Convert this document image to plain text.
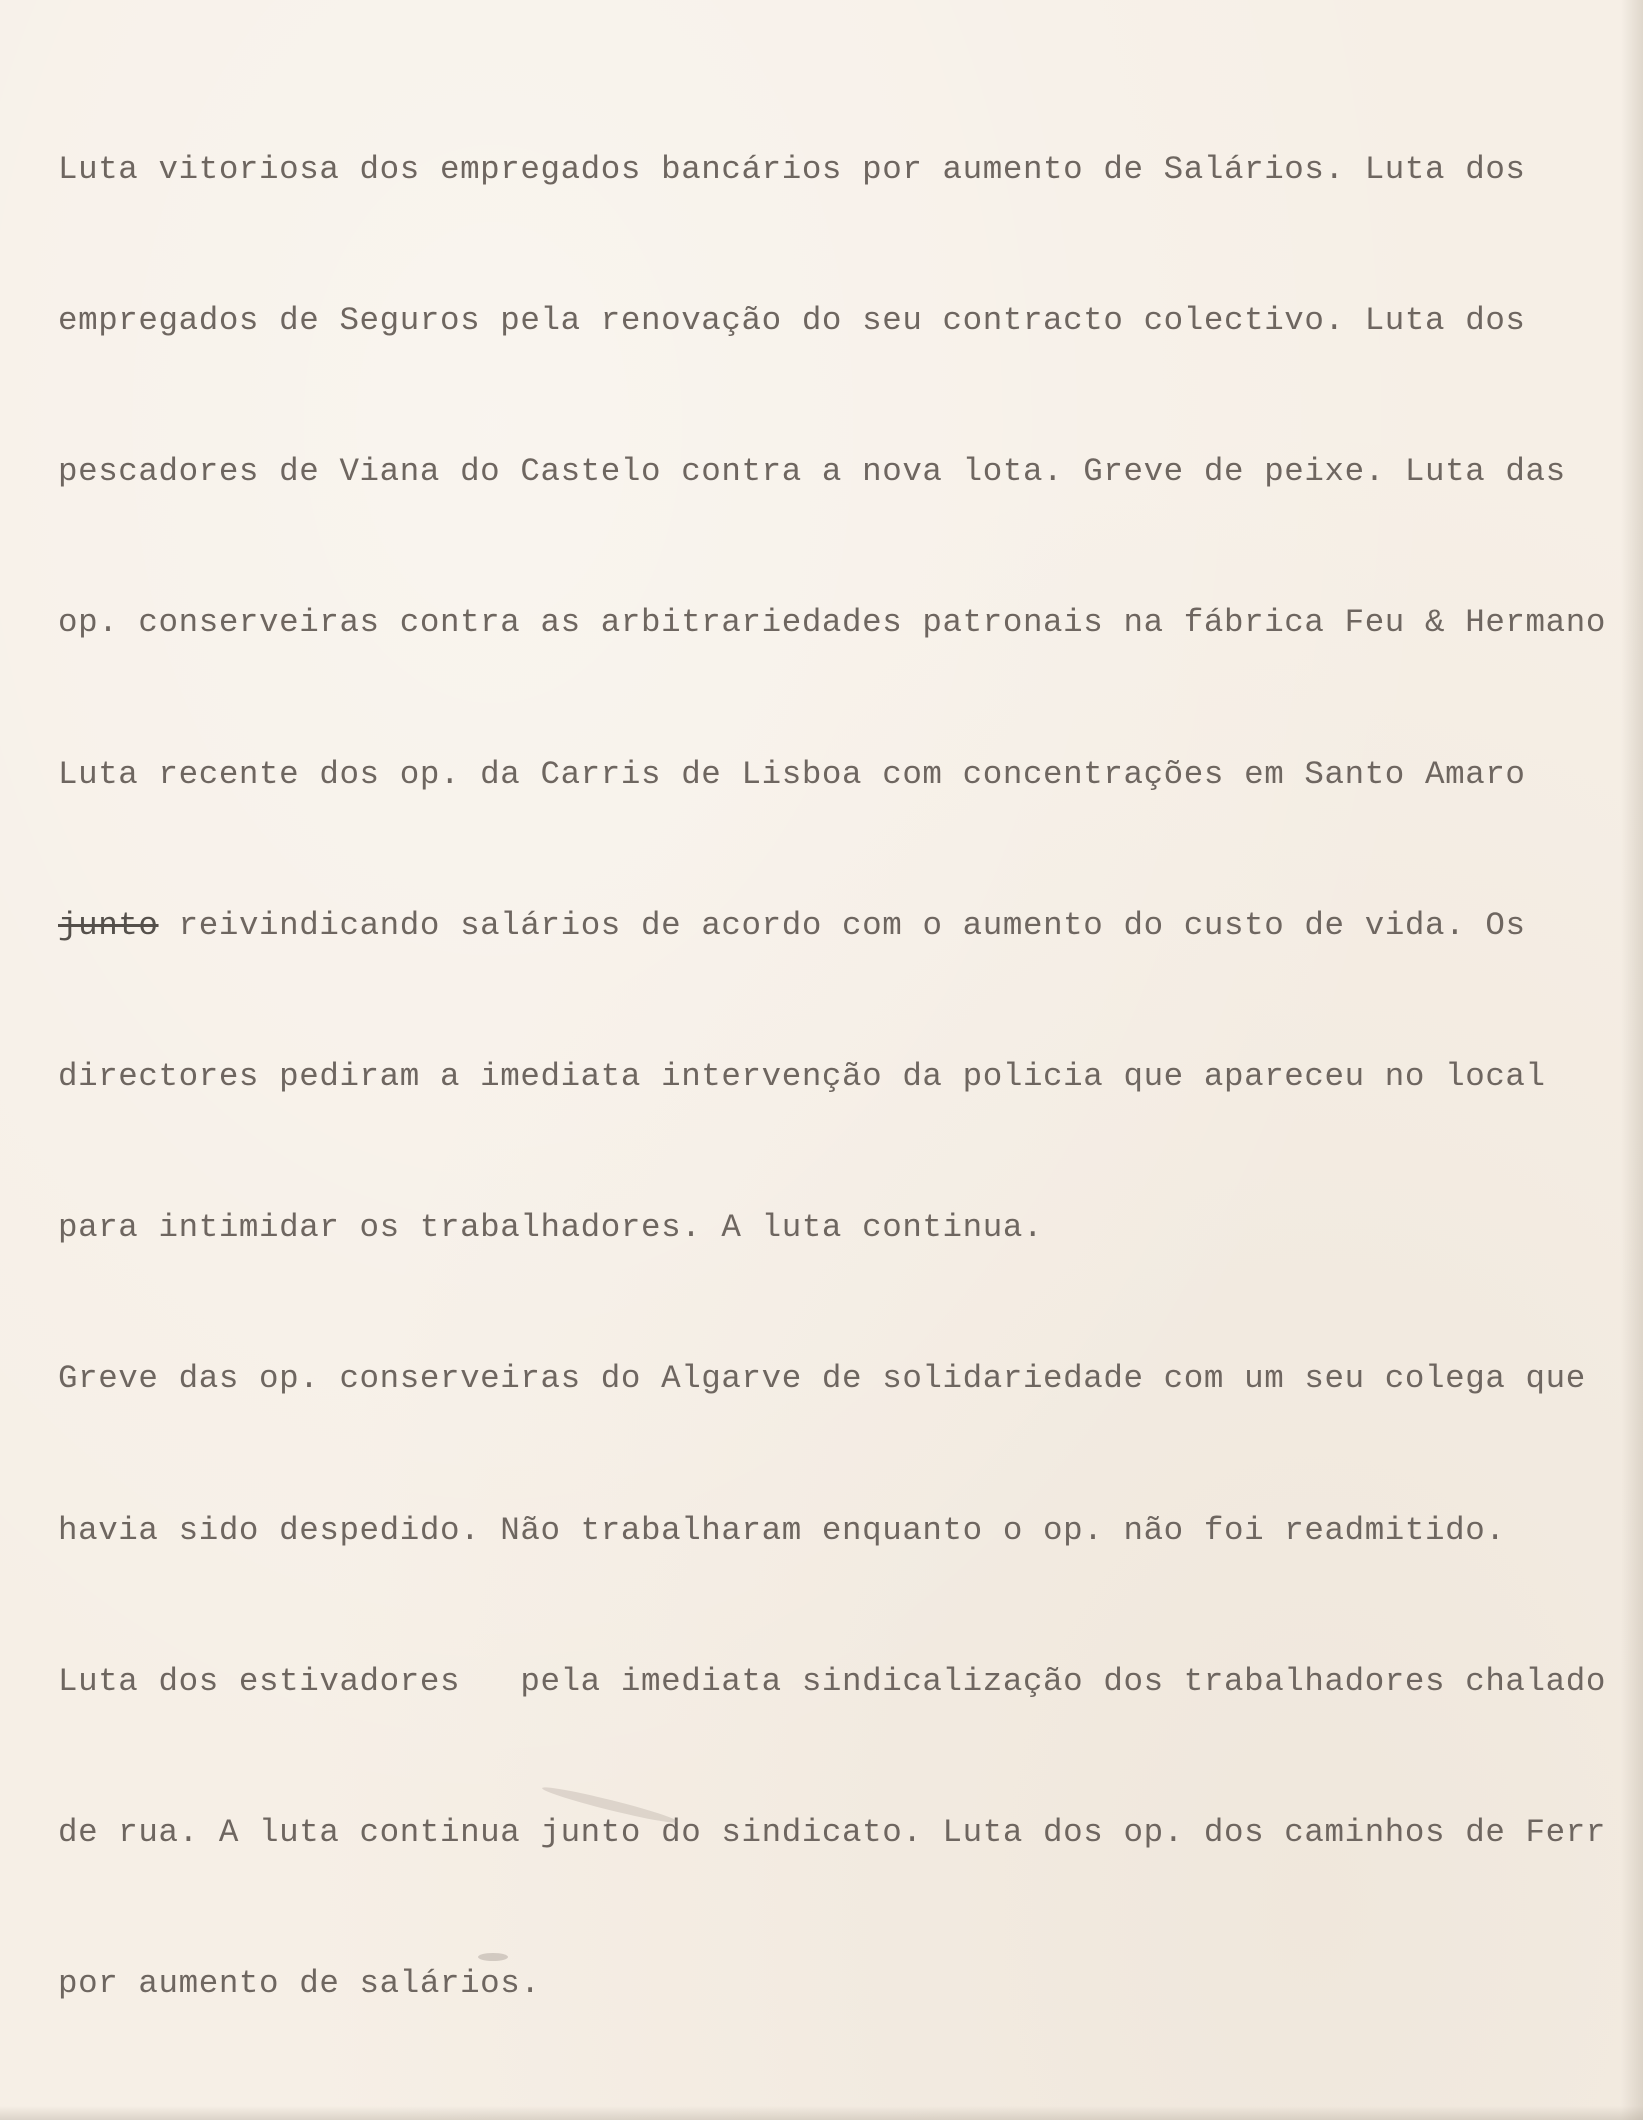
Luta vitoriosa dos empregados bancários por aumento de Salários. Luta dos

empregados de Seguros pela renovação do seu contracto colectivo. Luta dos

pescadores de Viana do Castelo contra a nova lota. Greve de peixe. Luta das

op. conserveiras contra as arbitrariedades patronais na fábrica Feu & Hermano

Luta recente dos op. da Carris de Lisboa com concentrações em Santo Amaro

junto reivindicando salários de acordo com o aumento do custo de vida. Os

directores pediram a imediata intervenção da policia que apareceu no local

para intimidar os trabalhadores. A luta continua.

Greve das op. conserveiras do Algarve de solidariedade com um seu colega que

havia sido despedido. Não trabalharam enquanto o op. não foi readmitido.

Luta dos estivadores   pela imediata sindicalização dos trabalhadores chalado

de rua. A luta continua junto do sindicato. Luta dos op. dos caminhos de Ferr

por aumento de salários.
